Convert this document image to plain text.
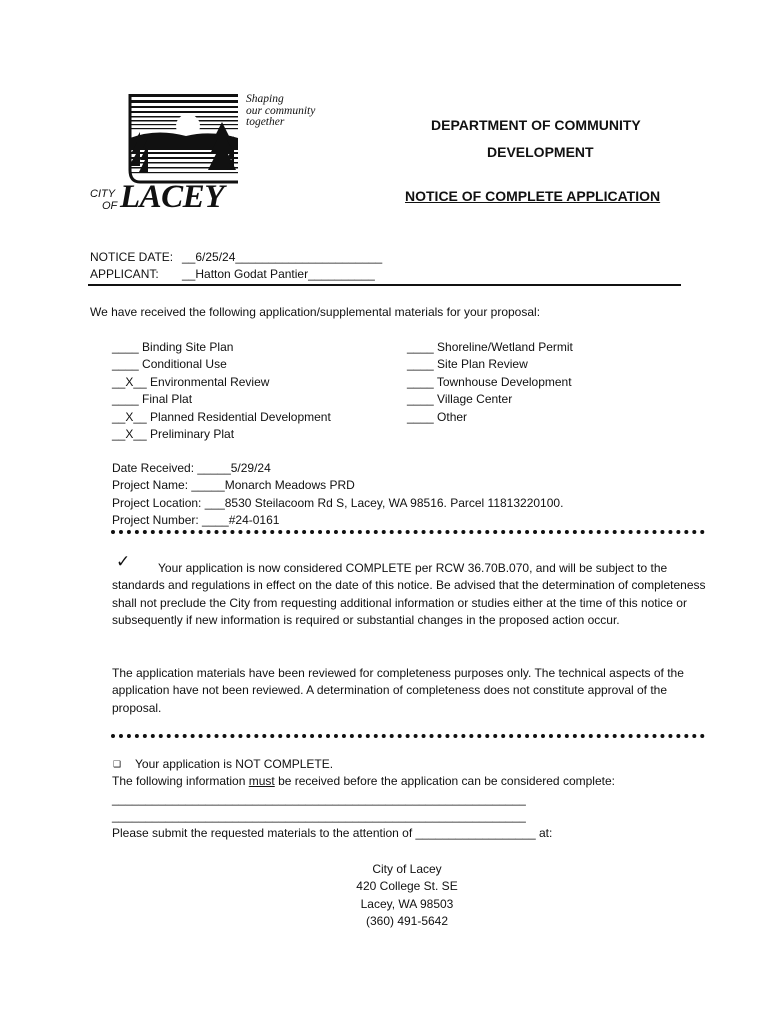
Shaping
our community
together
CITY
OF LACEY
DEPARTMENT OF COMMUNITY
DEVELOPMENT
NOTICE OF COMPLETE APPLICATION
NOTICE DATE: __6/25/24______________________
APPLICANT: __Hatton Godat Pantier__________
We have received the following application/supplemental materials for your proposal:
____ Binding Site Plan
____ Conditional Use
__X__ Environmental Review
____ Final Plat
__X__ Planned Residential Development
__X__ Preliminary Plat
____ Shoreline/Wetland Permit
____ Site Plan Review
____ Townhouse Development
____ Village Center
____ Other
Date Received: _____5/29/24
Project Name: _____Monarch Meadows PRD
Project Location: ___8530 Steilacoom Rd S, Lacey, WA 98516. Parcel 11813220100.
Project Number: ____#24-0161
✓	Your application is now considered COMPLETE per RCW 36.70B.070, and will be subject to the standards and regulations in effect on the date of this notice. Be advised that the determination of completeness shall not preclude the City from requesting additional information or studies either at the time of this notice or subsequently if new information is required or substantial changes in the proposed action occur.
The application materials have been reviewed for completeness purposes only. The technical aspects of the application have not been reviewed. A determination of completeness does not constitute approval of the proposal.
❑ Your application is NOT COMPLETE.
The following information must be received before the application can be considered complete:
______________________________________________________________
______________________________________________________________
Please submit the requested materials to the attention of __________________ at:
City of Lacey
420 College St. SE
Lacey, WA 98503
(360) 491-5642
